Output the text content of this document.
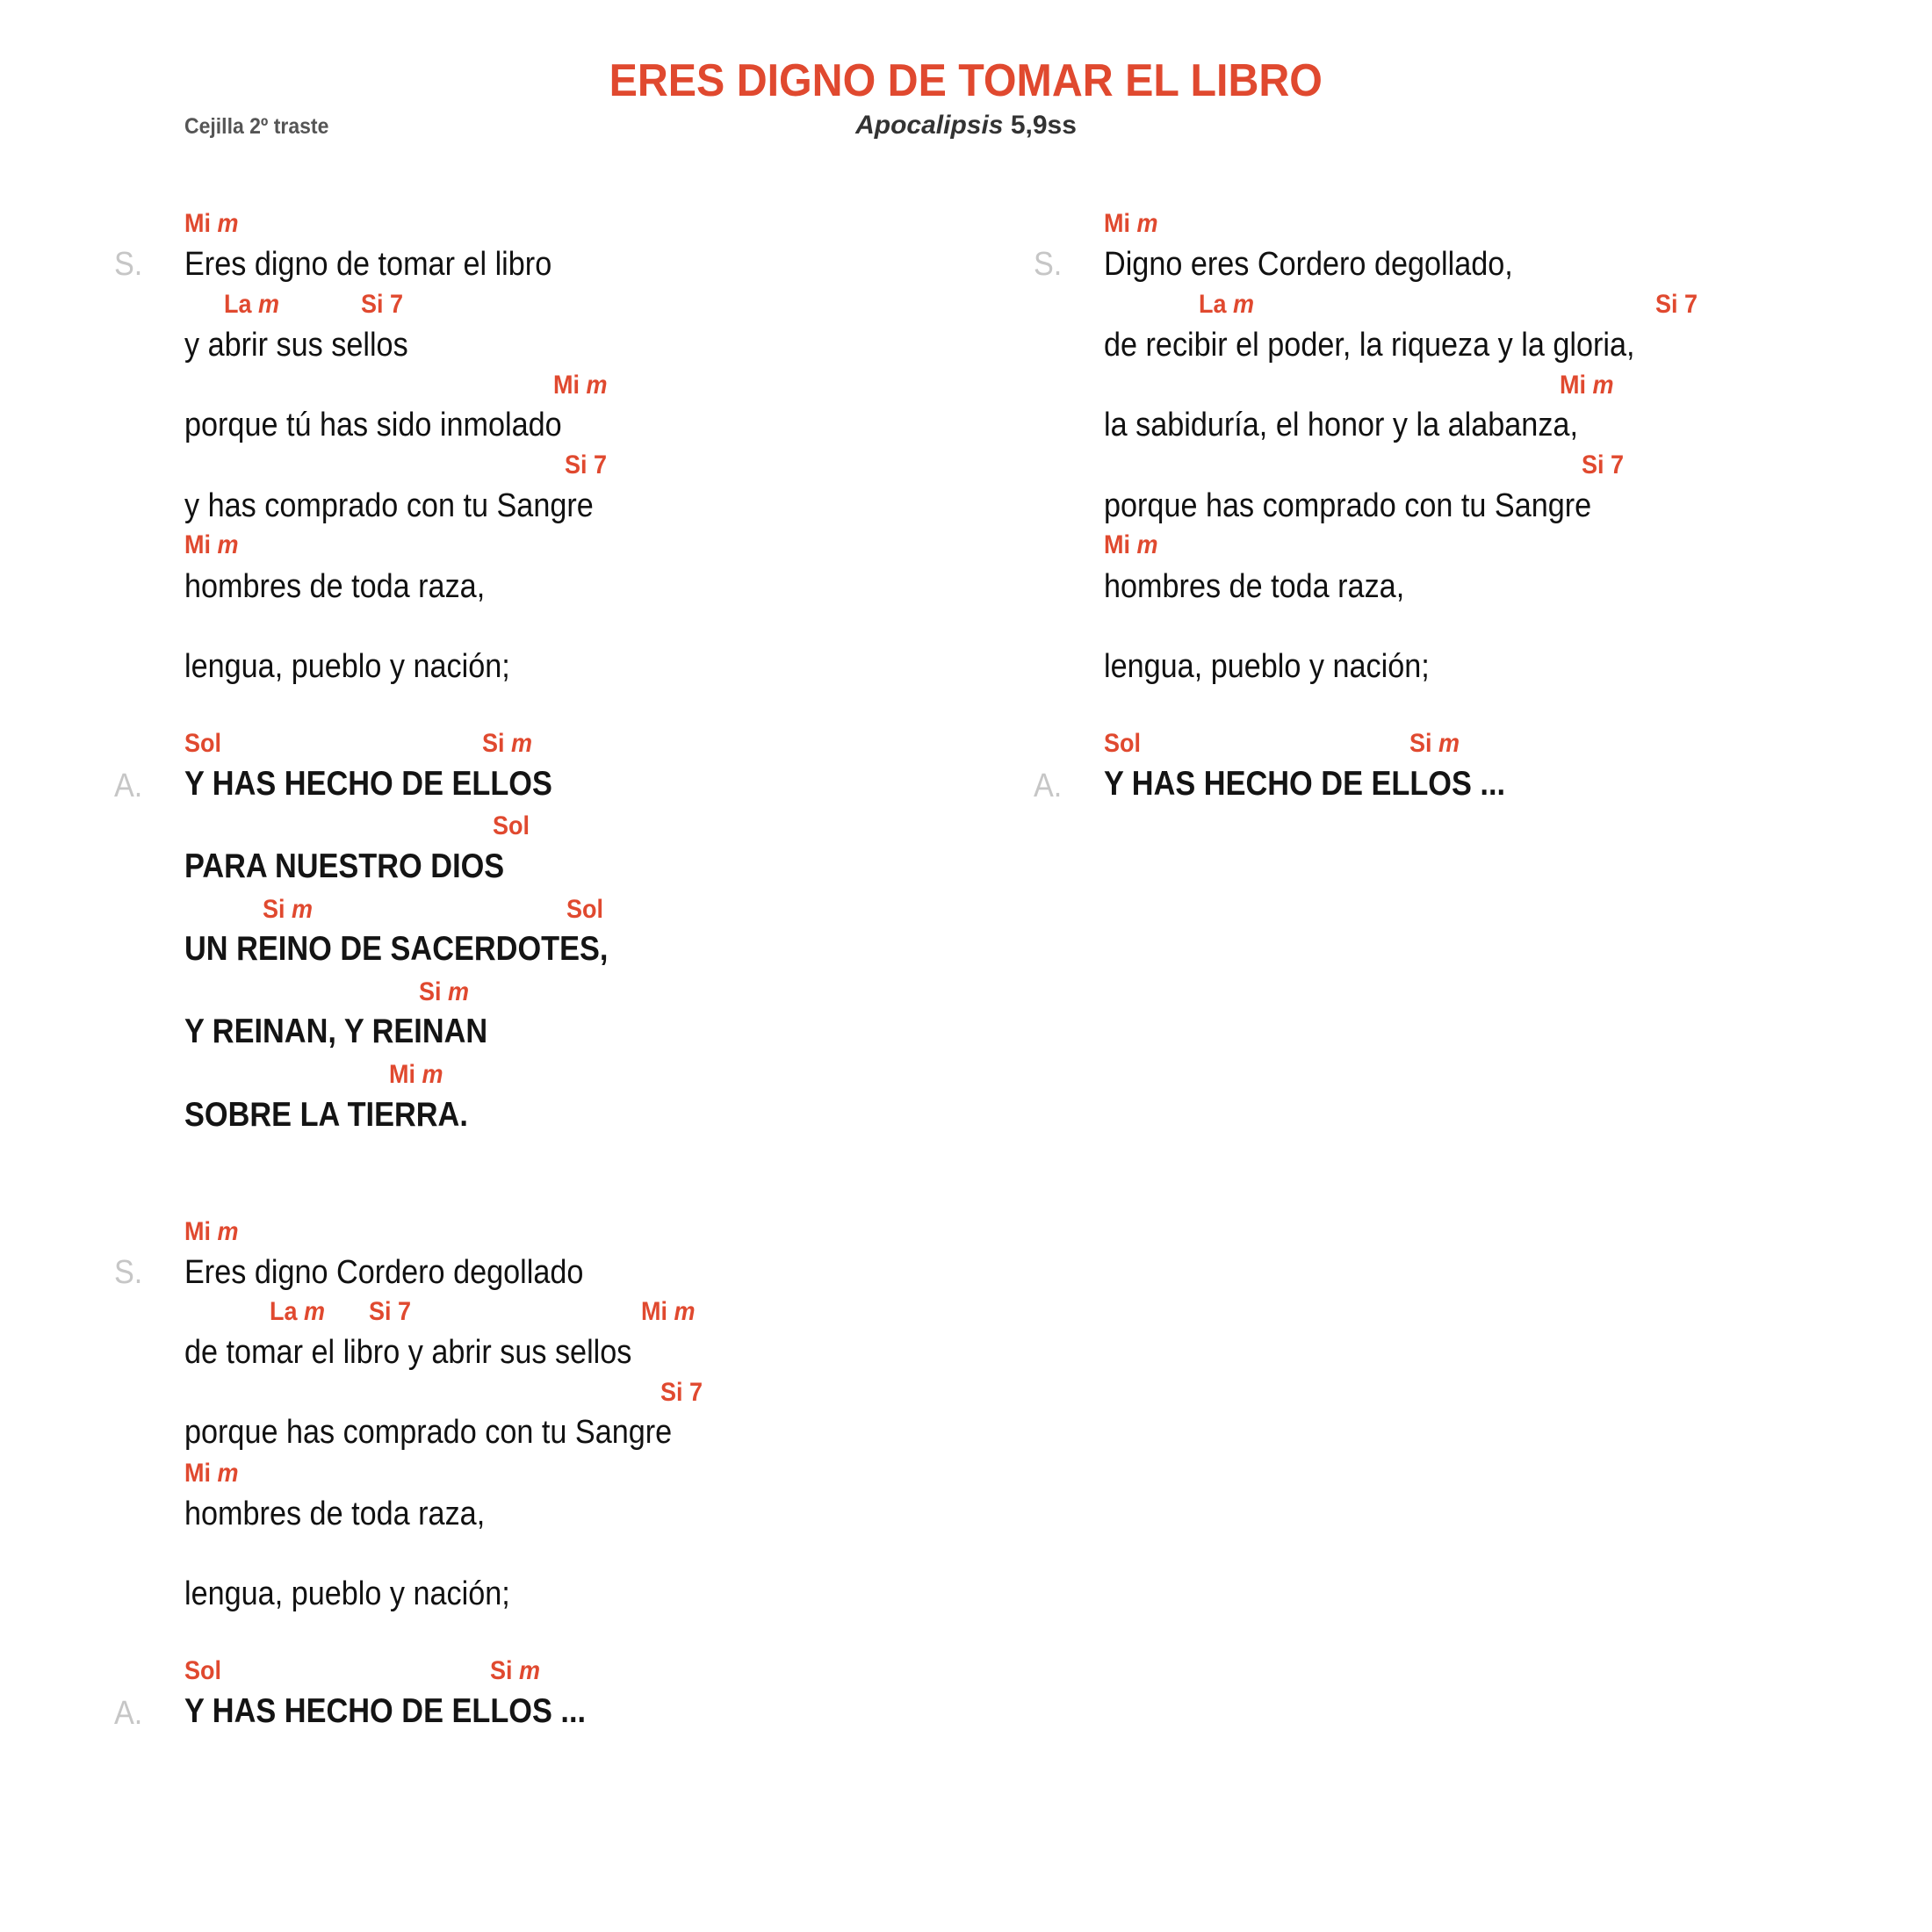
ERES DIGNO DE TOMAR EL LIBRO
Cejilla 2º traste	Apocalipsis 5,9ss
S.
Mi m
Eres digno de tomar el libro
La m	Si 7
y abrir sus sellos
Mi m
porque tú has sido inmolado
Si 7
y has comprado con tu Sangre
Mi m
hombres de toda raza,
lengua, pueblo y nación;
A.
Sol	Si m
Y HAS HECHO DE ELLOS
Sol
PARA NUESTRO DIOS
Si m	Sol
UN REINO DE SACERDOTES,
Si m
Y REINAN, Y REINAN
Mi m
SOBRE LA TIERRA.
S.
Mi m
Eres digno Cordero degollado
La m Si 7	Mi m
de tomar el libro y abrir sus sellos
Si 7
porque has comprado con tu Sangre
Mi m
hombres de toda raza,
lengua, pueblo y nación;
A.
Sol	Si m
Y HAS HECHO DE ELLOS ...
S.
Mi m
Digno eres Cordero degollado,
La m	Si 7
de recibir el poder, la riqueza y la gloria,
Mi m
la sabiduría, el honor y la alabanza,
Si 7
porque has comprado con tu Sangre
Mi m
hombres de toda raza,
lengua, pueblo y nación;
A.
Sol	Si m
Y HAS HECHO DE ELLOS ...
